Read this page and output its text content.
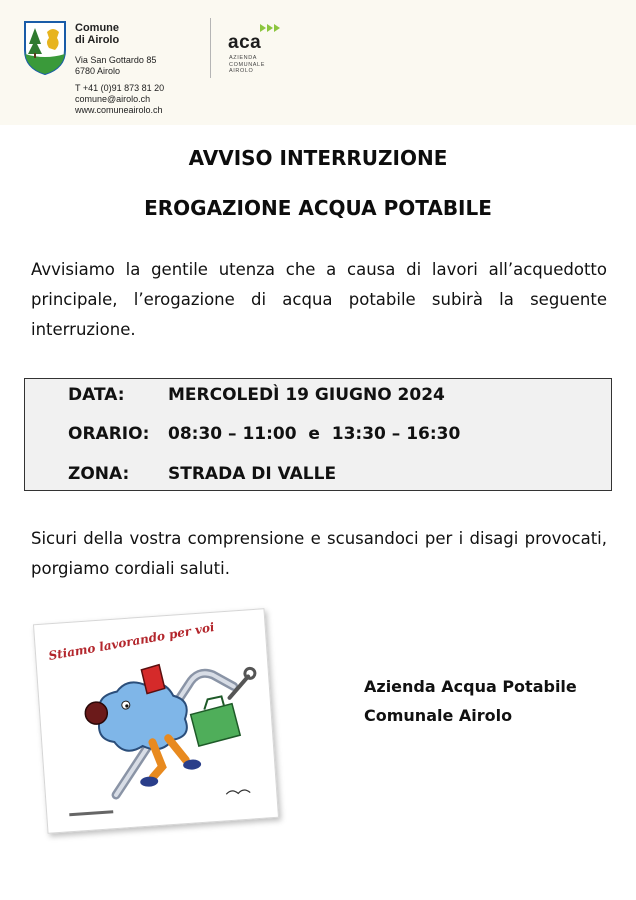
Comune
di Airolo
Via San Gottardo 85
6780 Airolo
T +41 (0)91 873 81 20
comune@airolo.ch
www.comuneairolo.ch
aca
AZIENDA
COMUNALE
AIROLO
AVVISO INTERRUZIONE
EROGAZIONE ACQUA POTABILE
Avvisiamo la gentile utenza che a causa di lavori all’acquedotto principale, l’erogazione di acqua potabile subirà la seguente interruzione.
DATA:	MERCOLEDÌ 19 GIUGNO 2024
ORARIO: 08:30 – 11:00  e  13:30 – 16:30
ZONA: STRADA DI VALLE
Sicuri della vostra comprensione e scusandoci per i disagi provocati, porgiamo cordiali saluti.
Stiamo lavorando per voi
Azienda Acqua Potabile
Comunale Airolo
